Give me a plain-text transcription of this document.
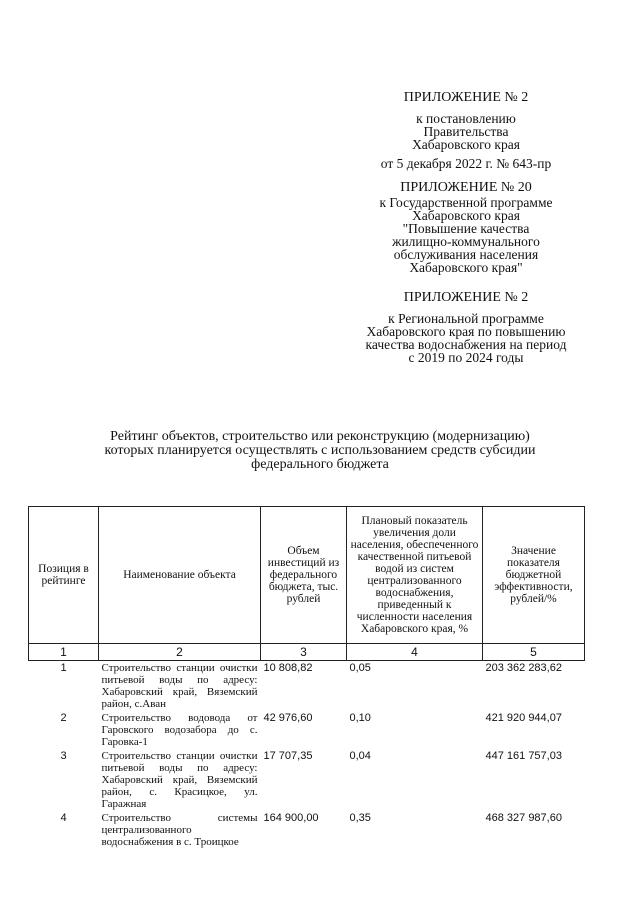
ПРИЛОЖЕНИЕ № 2
к постановлению
Правительства
Хабаровского края
от 5 декабря 2022 г. № 643-пр
ПРИЛОЖЕНИЕ № 20
к Государственной программе
Хабаровского края
"Повышение качества
жилищно-коммунального
обслуживания населения
Хабаровского края"
ПРИЛОЖЕНИЕ № 2
к Региональной программе
Хабаровского края по повышению
качества водоснабжения на период
с 2019 по 2024 годы
Рейтинг объектов, строительство или реконструкцию (модернизацию)
которых планируется осуществлять с использованием средств субсидии
федерального бюджета
Позиция в рейтинге	Наименование объекта	Объем инвестиций из федерального бюджета, тыс. рублей	Плановый показатель увеличения доли населения, обеспеченного качественной питьевой водой из систем централизованного водоснабжения, приведенный к численности населения Хабаровского края, %	Значение показателя бюджетной эффективности, рублей/%
1	2	3	4	5
1	Строительство станции очистки питьевой воды по адресу: Хабаровский край, Вяземский район, с.Аван	10 808,82	0,05	203 362 283,62
2	Строительство водовода от Гаровского водозабора до с. Гаровка-1	42 976,60	0,10	421 920 944,07
3	Строительство станции очистки питьевой воды по адресу: Хабаровский край, Вяземский район, с. Красицкое, ул. Гаражная	17 707,35	0,04	447 161 757,03
4	Строительство системы централизованного водоснабжения в с. Троицкое	164 900,00	0,35	468 327 987,60
